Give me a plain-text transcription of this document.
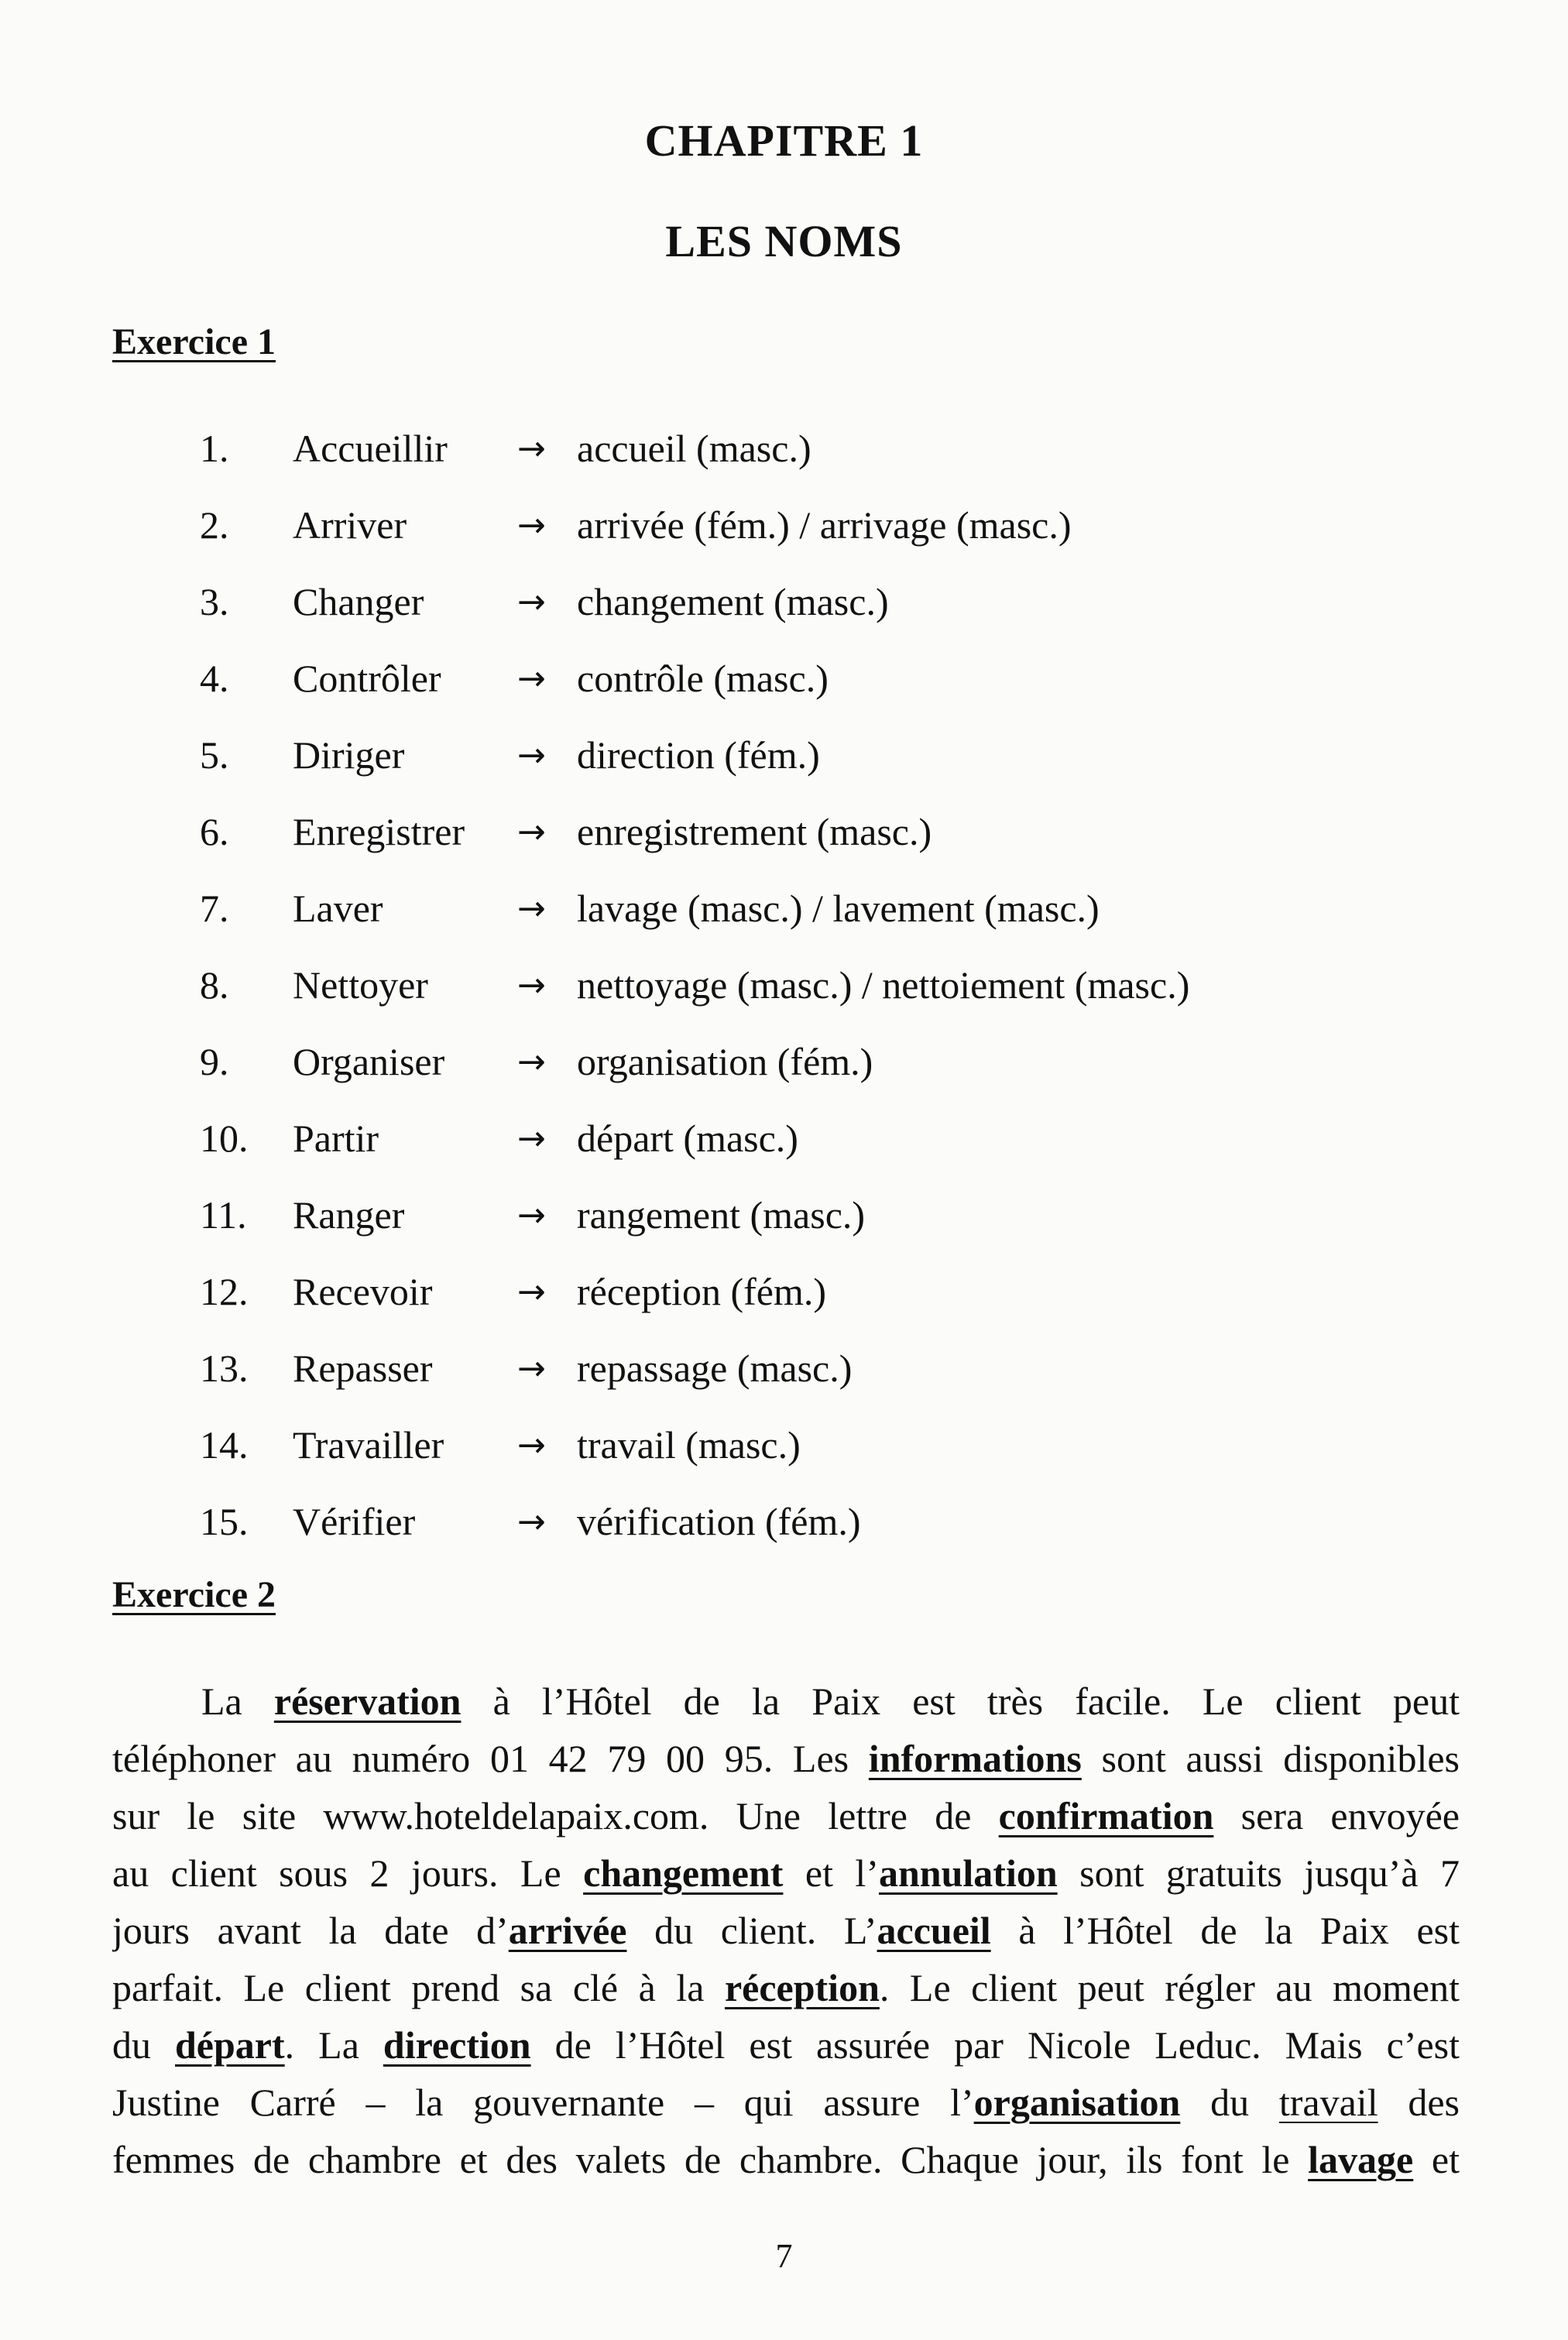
CHAPITRE 1
LES NOMS
Exercice 1
1. Accueillir → accueil (masc.)
2. Arriver	→ arrivée (fém.) / arrivage (masc.)
3. Changer	→ changement (masc.)
4. Contrôler → contrôle (masc.)
5. Diriger	→ direction (fém.)
6. Enregistrer → enregistrement (masc.)
7. Laver	→ lavage (masc.) / lavement (masc.)
8. Nettoyer	→ nettoyage (masc.) / nettoiement (masc.)
9. Organiser → organisation (fém.)
10. Partir	→ départ (masc.)
11. Ranger	→ rangement (masc.)
12. Recevoir → réception (fém.)
13. Repasser → repassage (masc.)
14. Travailler → travail (masc.)
15. Vérifier	→ vérification (fém.)
Exercice 2
La réservation à l’Hôtel de la Paix est très facile. Le client peut
téléphoner au numéro 01 42 79 00 95. Les informations sont aussi disponibles
sur le site www.hoteldelapaix.com. Une lettre de confirmation sera envoyée
au client sous 2 jours. Le changement et l’annulation sont gratuits jusqu’à 7
jours avant la date d’arrivée du client. L’accueil à l’Hôtel de la Paix est
parfait. Le client prend sa clé à la réception. Le client peut régler au moment
du départ. La direction de l’Hôtel est assurée par Nicole Leduc. Mais c’est
Justine Carré – la gouvernante – qui assure l’organisation du travail des
femmes de chambre et des valets de chambre. Chaque jour, ils font le lavage et
7
